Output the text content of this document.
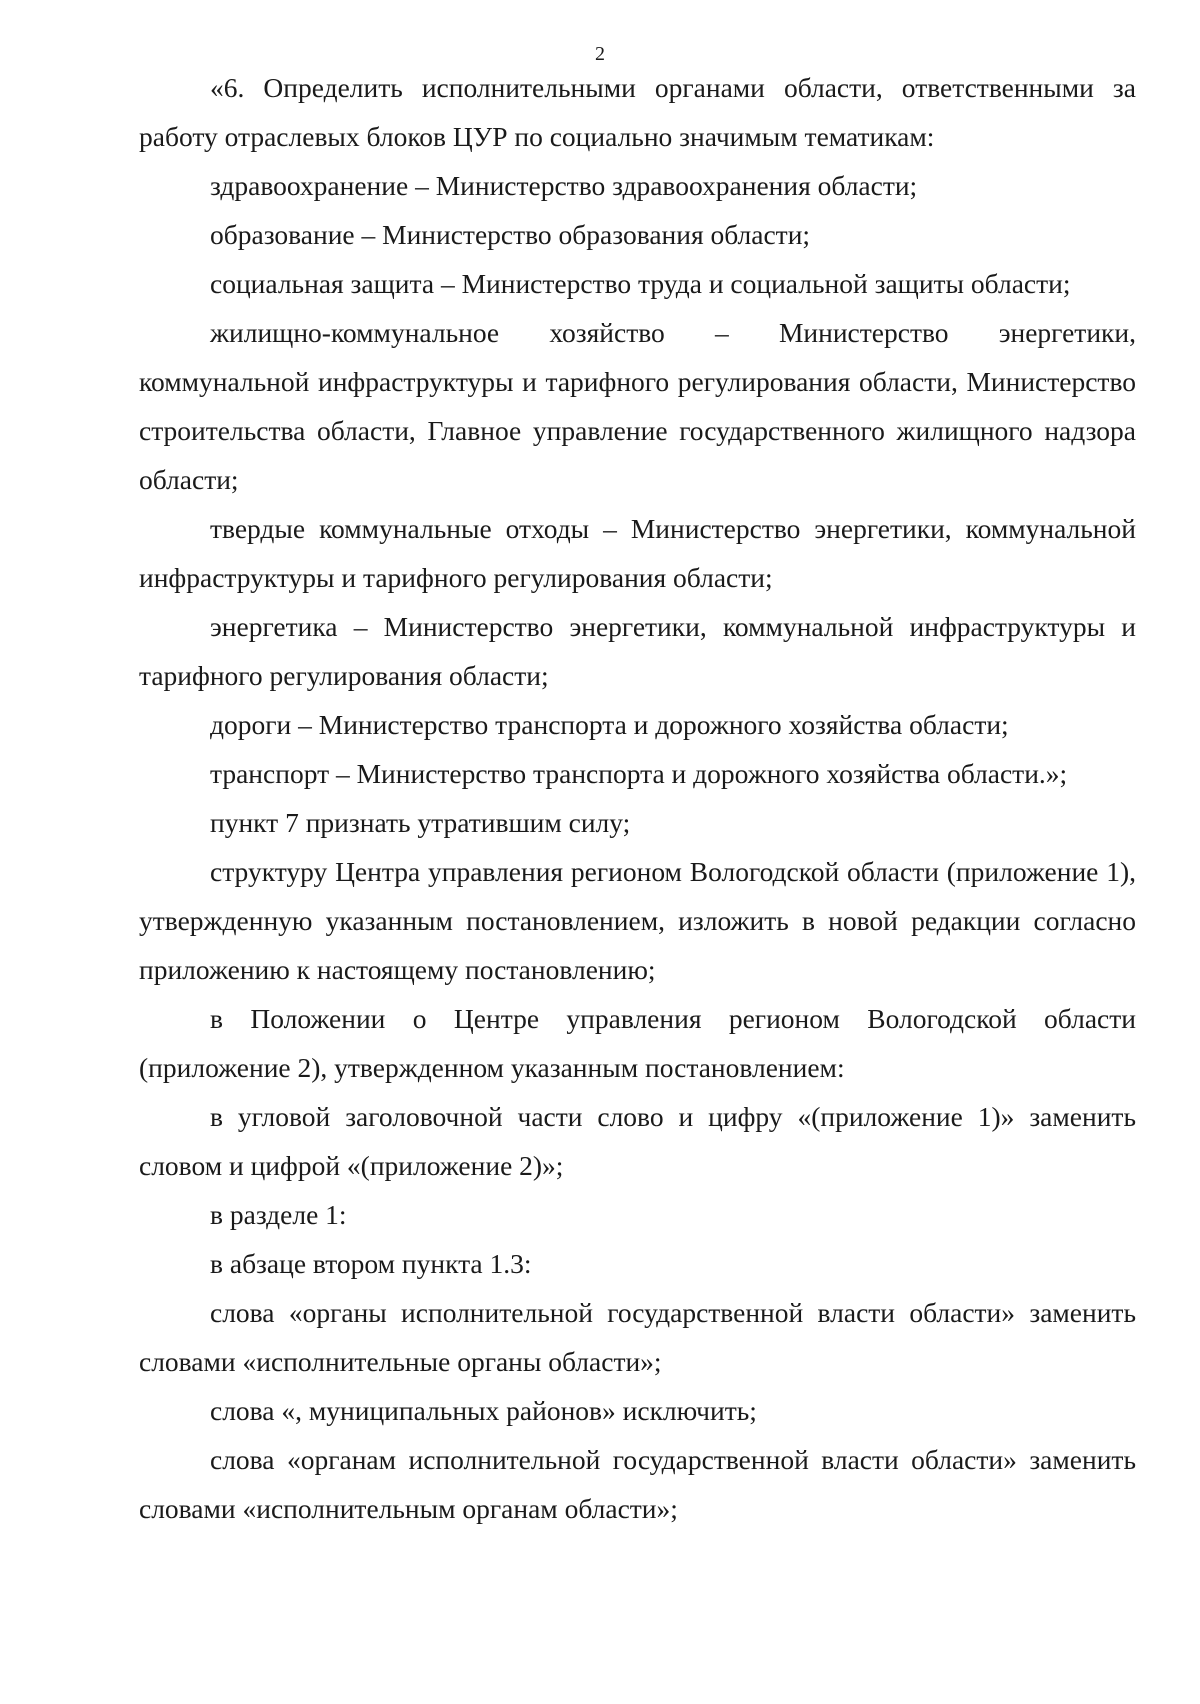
2

«6. Определить исполнительными органами области, ответственными за работу отраслевых блоков ЦУР по социально значимым тематикам:

здравоохранение – Министерство здравоохранения области;

образование – Министерство образования области;

социальная защита – Министерство труда и социальной защиты области;

жилищно-коммунальное хозяйство – Министерство энергетики, коммунальной инфраструктуры и тарифного регулирования области, Министерство строительства области, Главное управление государственного жилищного надзора области;

твердые коммунальные отходы – Министерство энергетики, коммунальной инфраструктуры и тарифного регулирования области;

энергетика – Министерство энергетики, коммунальной инфраструктуры и тарифного регулирования области;

дороги – Министерство транспорта и дорожного хозяйства области;

транспорт – Министерство транспорта и дорожного хозяйства области.»;

пункт 7 признать утратившим силу;

структуру Центра управления регионом Вологодской области (приложение 1), утвержденную указанным постановлением, изложить в новой редакции согласно приложению к настоящему постановлению;

в Положении о Центре управления регионом Вологодской области (приложение 2), утвержденном указанным постановлением:

в угловой заголовочной части слово и цифру «(приложение 1)» заменить словом и цифрой «(приложение 2)»;

в разделе 1:

в абзаце втором пункта 1.3:

слова «органы исполнительной государственной власти области» заменить словами «исполнительные органы области»;

слова «, муниципальных районов» исключить;

слова «органам исполнительной государственной власти области» заменить словами «исполнительным органам области»;
